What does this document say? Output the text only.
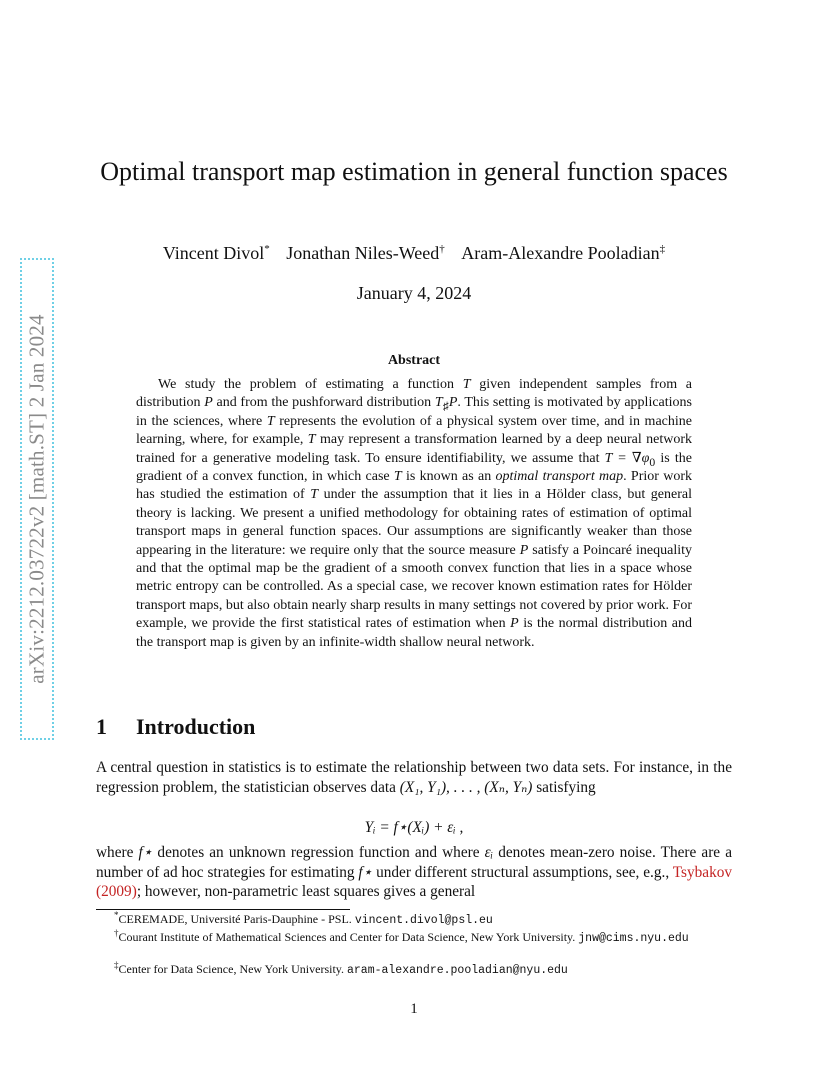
arXiv:2212.03722v2 [math.ST] 2 Jan 2024
Optimal transport map estimation in general function spaces
Vincent Divol* Jonathan Niles-Weed† Aram-Alexandre Pooladian‡
January 4, 2024
Abstract

We study the problem of estimating a function T given independent samples from a distribution P and from the pushforward distribution $T_♯P$. This setting is motivated by applications in the sciences, where T represents the evolution of a physical system over time, and in machine learning, where, for example, T may represent a transformation learned by a deep neural network trained for a generative modeling task. To ensure identifiability, we assume that $T = \nabla\varphi_0$ is the gradient of a convex function, in which case T is known as an optimal transport map. Prior work has studied the estimation of T under the assumption that it lies in a Hölder class, but general theory is lacking. We present a unified methodology for obtaining rates of estimation of optimal transport maps in general function spaces. Our assumptions are significantly weaker than those appearing in the literature: we require only that the source measure P satisfy a Poincaré inequality and that the optimal map be the gradient of a smooth convex function that lies in a space whose metric entropy can be controlled. As a special case, we recover known estimation rates for Hölder transport maps, but also obtain nearly sharp results in many settings not covered by prior work. For example, we provide the first statistical rates of estimation when P is the normal distribution and the transport map is given by an infinite-width shallow neural network.

1 Introduction

A central question in statistics is to estimate the relationship between two data sets. For instance, in the regression problem, the statistician observes data (X₁, Y₁), . . . , (Xₙ, Yₙ) satisfying

Yᵢ = f⋆(Xᵢ) + εᵢ ,

where f⋆ denotes an unknown regression function and where εᵢ denotes mean-zero noise. There are a number of ad hoc strategies for estimating f⋆ under different structural assumptions, see, e.g., Tsybakov (2009); however, non-parametric least squares gives a general

*CEREMADE, Université Paris-Dauphine - PSL. vincent.divol@psl.eu

†Courant Institute of Mathematical Sciences and Center for Data Science, New York University. jnw@cims.nyu.edu

‡Center for Data Science, New York University. aram-alexandre.pooladian@nyu.edu

1
